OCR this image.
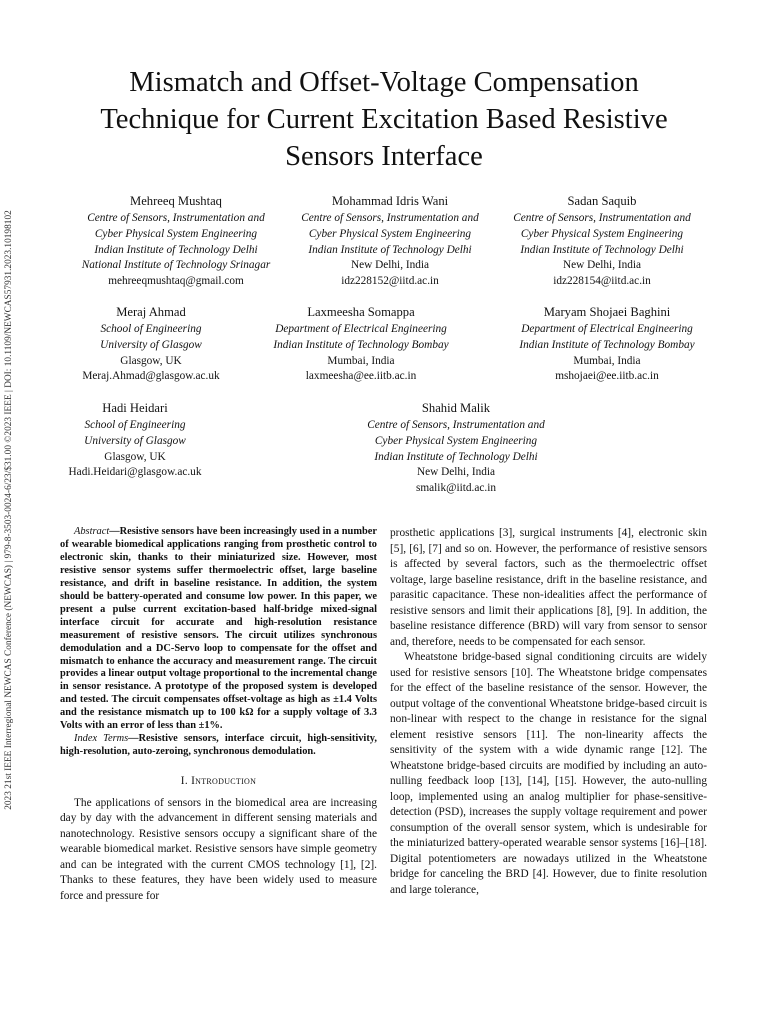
2023 21st IEEE Interregional NEWCAS Conference (NEWCAS) | 979-8-3503-0024-6/23/$31.00 ©2023 IEEE | DOI: 10.1109/NEWCAS57931.2023.10198102
Mismatch and Offset-Voltage Compensation
Technique for Current Excitation Based Resistive
Sensors Interface
Mehreeq Mushtaq
Centre of Sensors, Instrumentation and
Cyber Physical System Engineering
Indian Institute of Technology Delhi
National Institute of Technology Srinagar
mehreeqmushtaq@gmail.com
Mohammad Idris Wani
Centre of Sensors, Instrumentation and
Cyber Physical System Engineering
Indian Institute of Technology Delhi
New Delhi, India
idz228152@iitd.ac.in
Sadan Saquib
Centre of Sensors, Instrumentation and
Cyber Physical System Engineering
Indian Institute of Technology Delhi
New Delhi, India
idz228154@iitd.ac.in
Meraj Ahmad
School of Engineering
University of Glasgow
Glasgow, UK
Meraj.Ahmad@glasgow.ac.uk
Laxmeesha Somappa
Department of Electrical Engineering
Indian Institute of Technology Bombay
Mumbai, India
laxmeesha@ee.iitb.ac.in
Maryam Shojaei Baghini
Department of Electrical Engineering
Indian Institute of Technology Bombay
Mumbai, India
mshojaei@ee.iitb.ac.in
Hadi Heidari
School of Engineering
University of Glasgow
Glasgow, UK
Hadi.Heidari@glasgow.ac.uk
Shahid Malik
Centre of Sensors, Instrumentation and
Cyber Physical System Engineering
Indian Institute of Technology Delhi
New Delhi, India
smalik@iitd.ac.in

Abstract—Resistive sensors have been increasingly used in a number of wearable biomedical applications ranging from prosthetic control to electronic skin, thanks to their miniaturized size. However, most resistive sensor systems suffer thermoelectric offset, large baseline resistance, and drift in baseline resistance. In addition, the system should be battery-operated and consume low power. In this paper, we present a pulse current excitation-based half-bridge mixed-signal interface circuit for accurate and high-resolution resistance measurement of resistive sensors. The circuit utilizes synchronous demodulation and a DC-Servo loop to compensate for the offset and mismatch to enhance the accuracy and measurement range. The circuit provides a linear output voltage proportional to the incremental change in sensor resistance. A prototype of the proposed system is developed and tested. The circuit compensates offset-voltage as high as ±1.4 Volts and the resistance mismatch up to 100 kΩ for a supply voltage of 3.3 Volts with an error of less than ±1%.

Index Terms—Resistive sensors, interface circuit, high-sensitivity, high-resolution, auto-zeroing, synchronous demodulation.

I. Introduction

The applications of sensors in the biomedical area are increasing day by day with the advancement in different sensing materials and nanotechnology. Resistive sensors occupy a significant share of the wearable biomedical market. Resistive sensors have simple geometry and can be integrated with the current CMOS technology [1], [2]. Thanks to these features, they have been widely used to measure force and pressure for

prosthetic applications [3], surgical instruments [4], electronic skin [5], [6], [7] and so on. However, the performance of resistive sensors is affected by several factors, such as the thermoelectric offset voltage, large baseline resistance, drift in the baseline resistance, and parasitic capacitance. These non-idealities affect the performance of resistive sensors and limit their applications [8], [9]. In addition, the baseline resistance difference (BRD) will vary from sensor to sensor and, therefore, needs to be compensated for each sensor.

Wheatstone bridge-based signal conditioning circuits are widely used for resistive sensors [10]. The Wheatstone bridge compensates for the effect of the baseline resistance of the sensor. However, the output voltage of the conventional Wheatstone bridge-based circuit is non-linear with respect to the change in resistance for the signal element resistive sensors [11]. The non-linearity affects the sensitivity of the system with a wide dynamic range [12]. The Wheatstone bridge-based circuits are modified by including an auto-nulling feedback loop [13], [14], [15]. However, the auto-nulling loop, implemented using an analog multiplier for phase-sensitive-detection (PSD), increases the supply voltage requirement and power consumption of the overall sensor system, which is undesirable for the miniaturized battery-operated wearable sensor systems [16]–[18]. Digital potentiometers are nowadays utilized in the Wheatstone bridge for canceling the BRD [4]. However, due to finite resolution and large tolerance,
